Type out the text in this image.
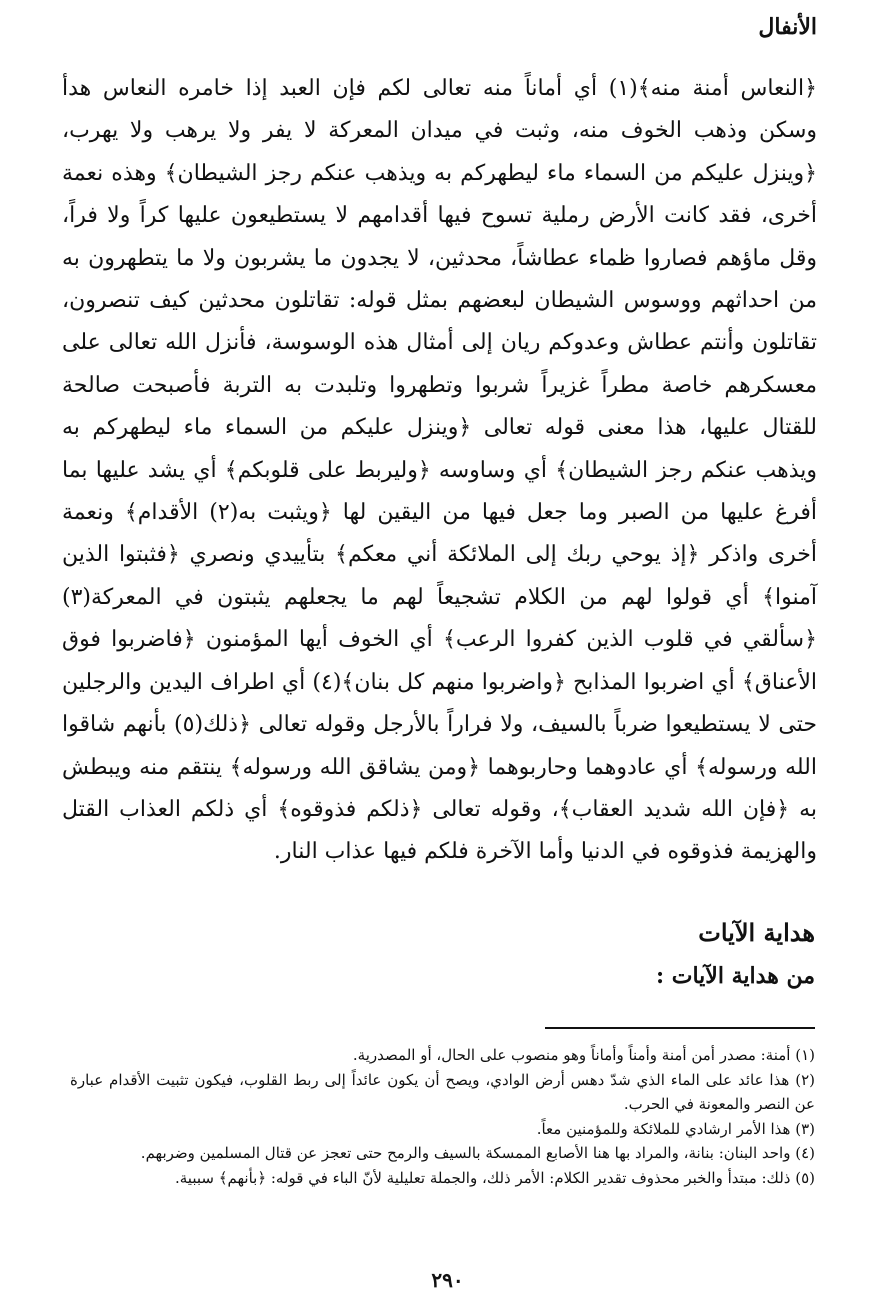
الأنفال

﴿النعاس أمنة منه﴾(١) أي أماناً منه تعالى لكم فإن العبد إذا خامره النعاس هدأ وسكن وذهب الخوف منه، وثبت في ميدان المعركة لا يفر ولا يرهب ولا يهرب، ﴿وينزل عليكم من السماء ماء ليطهركم به ويذهب عنكم رجز الشيطان﴾ وهذه نعمة أخرى، فقد كانت الأرض رملية تسوح فيها أقدامهم لا يستطيعون عليها كراً ولا فراً، وقل ماؤهم فصاروا ظماء عطاشاً، محدثين، لا يجدون ما يشربون ولا ما يتطهرون به من احداثهم ووسوس الشيطان لبعضهم بمثل قوله: تقاتلون محدثين كيف تنصرون، تقاتلون وأنتم عطاش وعدوكم ريان إلى أمثال هذه الوسوسة، فأنزل الله تعالى على معسكرهم خاصة مطراً غزيراً شربوا وتطهروا وتلبدت به التربة فأصبحت صالحة للقتال عليها، هذا معنى قوله تعالى ﴿وينزل عليكم من السماء ماء ليطهركم به ويذهب عنكم رجز الشيطان﴾ أي وساوسه ﴿وليربط على قلوبكم﴾ أي يشد عليها بما أفرغ عليها من الصبر وما جعل فيها من اليقين لها ﴿ويثبت به(٢) الأقدام﴾ ونعمة أخرى واذكر ﴿إذ يوحي ربك إلى الملائكة أني معكم﴾ بتأييدي ونصري ﴿فثبتوا الذين آمنوا﴾ أي قولوا لهم من الكلام تشجيعاً لهم ما يجعلهم يثبتون في المعركة(٣) ﴿سألقي في قلوب الذين كفروا الرعب﴾ أي الخوف أيها المؤمنون ﴿فاضربوا فوق الأعناق﴾ أي اضربوا المذابح ﴿واضربوا منهم كل بنان﴾(٤) أي اطراف اليدين والرجلين حتى لا يستطيعوا ضرباً بالسيف، ولا فراراً بالأرجل وقوله تعالى ﴿ذلك(٥) بأنهم شاقوا الله ورسوله﴾ أي عادوهما وحاربوهما ﴿ومن يشاقق الله ورسوله﴾ ينتقم منه ويبطش به ﴿فإن الله شديد العقاب﴾، وقوله تعالى ﴿ذلكم فذوقوه﴾ أي ذلكم العذاب القتل والهزيمة فذوقوه في الدنيا وأما الآخرة فلكم فيها عذاب النار.

هداية الآيات
من هداية الآيات :
(١) أمنة: مصدر أمن أمنة وأمناً وأماناً وهو منصوب على الحال، أو المصدرية.
(٢) هذا عائد على الماء الذي شدّ دهس أرض الوادي، ويصح أن يكون عائداً إلى ربط القلوب، فيكون تثبيت الأقدام عبارة عن النصر والمعونة في الحرب.
(٣) هذا الأمر ارشادي للملائكة وللمؤمنين معاً.
(٤) واحد البنان: بنانة، والمراد بها هنا الأصابع الممسكة بالسيف والرمح حتى تعجز عن قتال المسلمين وضربهم.
(٥) ذلك: مبتدأ والخبر محذوف تقدير الكلام: الأمر ذلك، والجملة تعليلية لأنّ الباء في قوله: ﴿بأنهم﴾ سببية.
٢٩٠
